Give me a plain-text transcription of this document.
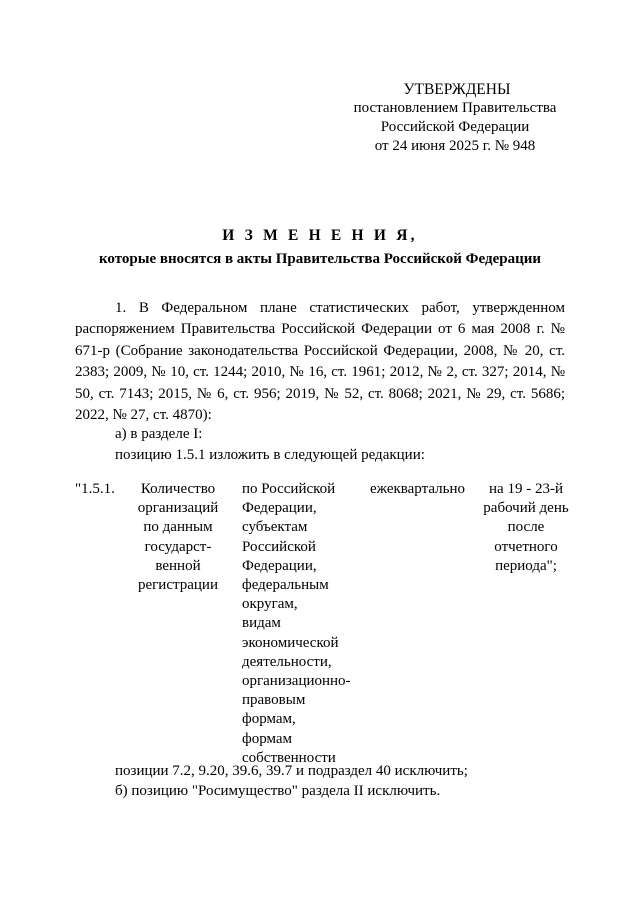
УТВЕРЖДЕНЫ
постановлением Правительства
Российской Федерации
от 24 июня 2025 г. № 948
И З М Е Н Е Н И Я,
которые вносятся в акты Правительства Российской Федерации
1. В Федеральном плане статистических работ, утвержденном распоряжением Правительства Российской Федерации от 6 мая 2008 г. № 671-р (Собрание законодательства Российской Федерации, 2008, № 20, ст. 2383; 2009, № 10, ст. 1244; 2010, № 16, ст. 1961; 2012, № 2, ст. 327; 2014, № 50, ст. 7143; 2015, № 6, ст. 956; 2019, № 52, ст. 8068; 2021, № 29, ст. 5686; 2022, № 27, ст. 4870):
а) в разделе I:
позицию 1.5.1 изложить в следующей редакции:
"1.5.1.	Количество
организаций
по данным
государст-
венной
регистрации
по Российской
Федерации,
субъектам
Российской
Федерации,
федеральным
округам,
видам
экономической
деятельности,
организационно-
правовым
формам,
формам
собственности
ежеквартально	на 19 - 23-й
рабочий день
после
отчетного
периода";
позиции 7.2, 9.20, 39.6, 39.7 и подраздел 40 исключить;
б) позицию "Росимущество" раздела II исключить.
